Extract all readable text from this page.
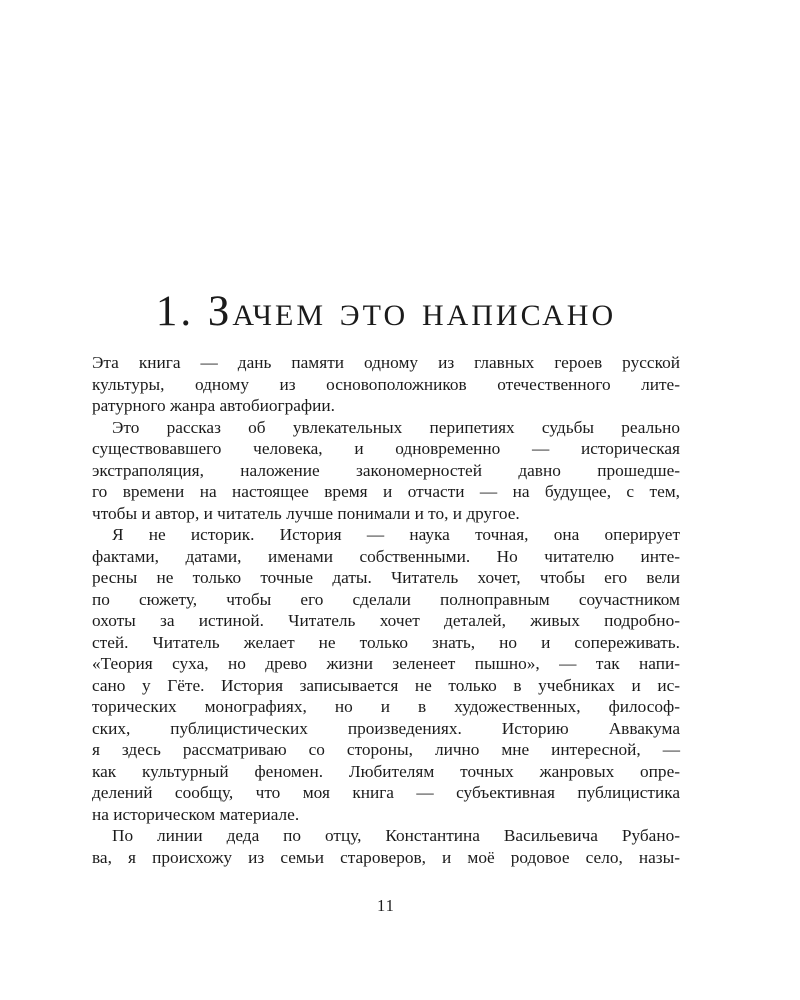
1. Зачем это написано
Эта книга — дань памяти одному из главных героев русской
культуры, одному из основоположников отечественного лите-
ратурного жанра автобиографии.
Это рассказ об увлекательных перипетиях судьбы реально
существовавшего человека, и одновременно — историческая
экстраполяция, наложение закономерностей давно прошедше-
го времени на настоящее время и отчасти — на будущее, с тем,
чтобы и автор, и читатель лучше понимали и то, и другое.
Я не историк. История — наука точная, она оперирует
фактами, датами, именами собственными. Но читателю инте-
ресны не только точные даты. Читатель хочет, чтобы его вели
по сюжету, чтобы его сделали полноправным соучастником
охоты за истиной. Читатель хочет деталей, живых подробно-
стей. Читатель желает не только знать, но и сопереживать.
«Теория суха, но древо жизни зеленеет пышно», — так напи-
сано у Гёте. История записывается не только в учебниках и ис-
торических монографиях, но и в художественных, философ-
ских, публицистических произведениях. Историю Аввакума
я здесь рассматриваю со стороны, лично мне интересной, —
как культурный феномен. Любителям точных жанровых опре-
делений сообщу, что моя книга — субъективная публицистика
на историческом материале.
По линии деда по отцу, Константина Васильевича Рубано-
ва, я происхожу из семьи староверов, и моё родовое село, назы-
11
